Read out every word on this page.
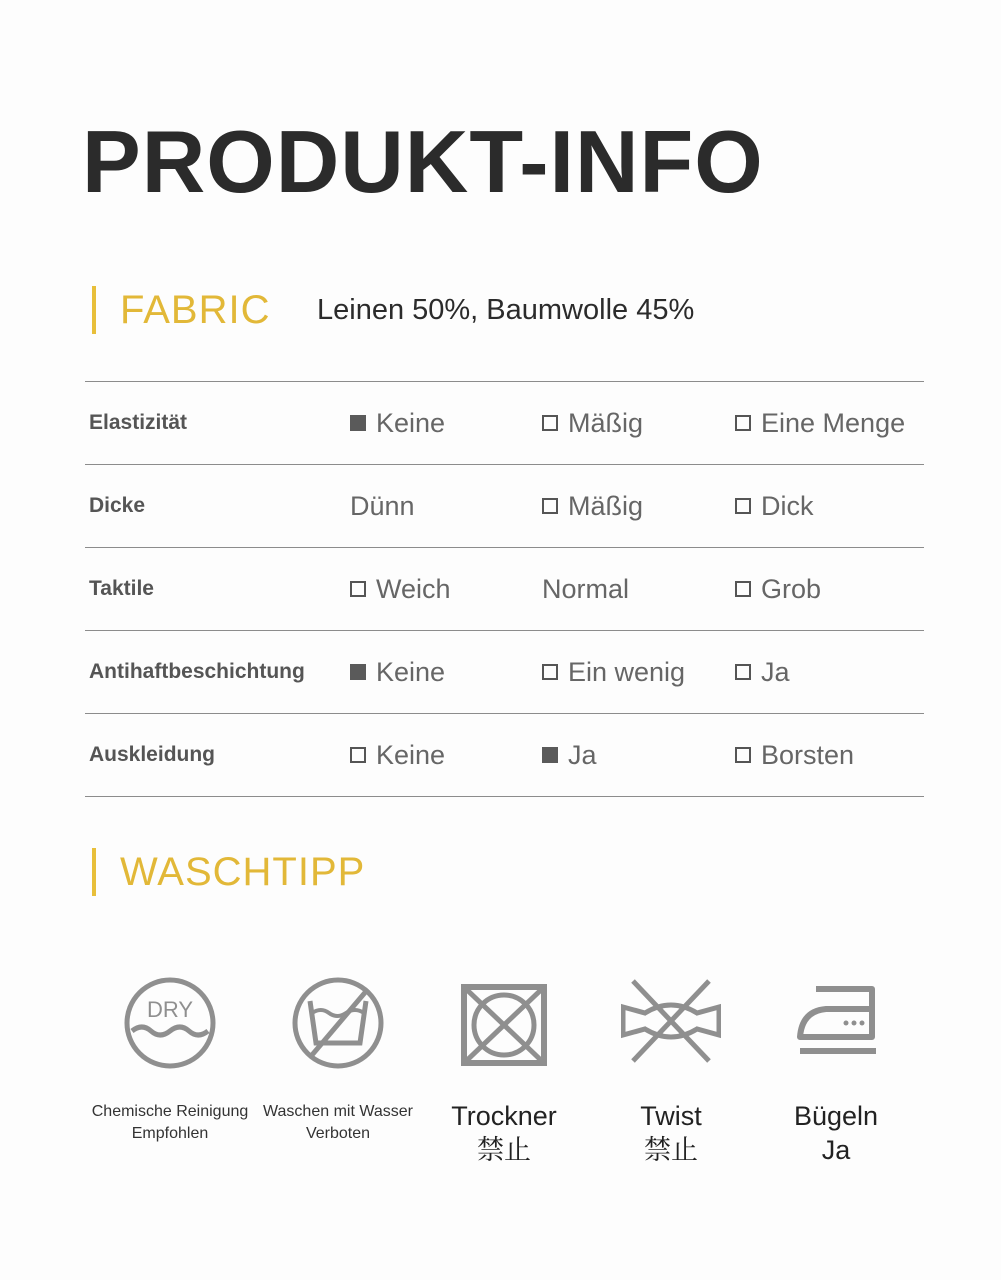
PRODUKT-INFO
FABRIC Leinen 50%, Baumwolle 45%
Elastizität	Keine	Mäßig	Eine Menge
Dicke	Dünn	Mäßig	Dick
Taktile	Weich	Normal	Grob
Antihaftbeschichtung	Keine	Ein wenig	Ja
Auskleidung	Keine	Ja	Borsten
WASCHTIPP
DRY
Chemische Reinigung
Empfohlen
Waschen mit Wasser
Verboten
Trockner
禁止
Twist
禁止
Bügeln
Ja
